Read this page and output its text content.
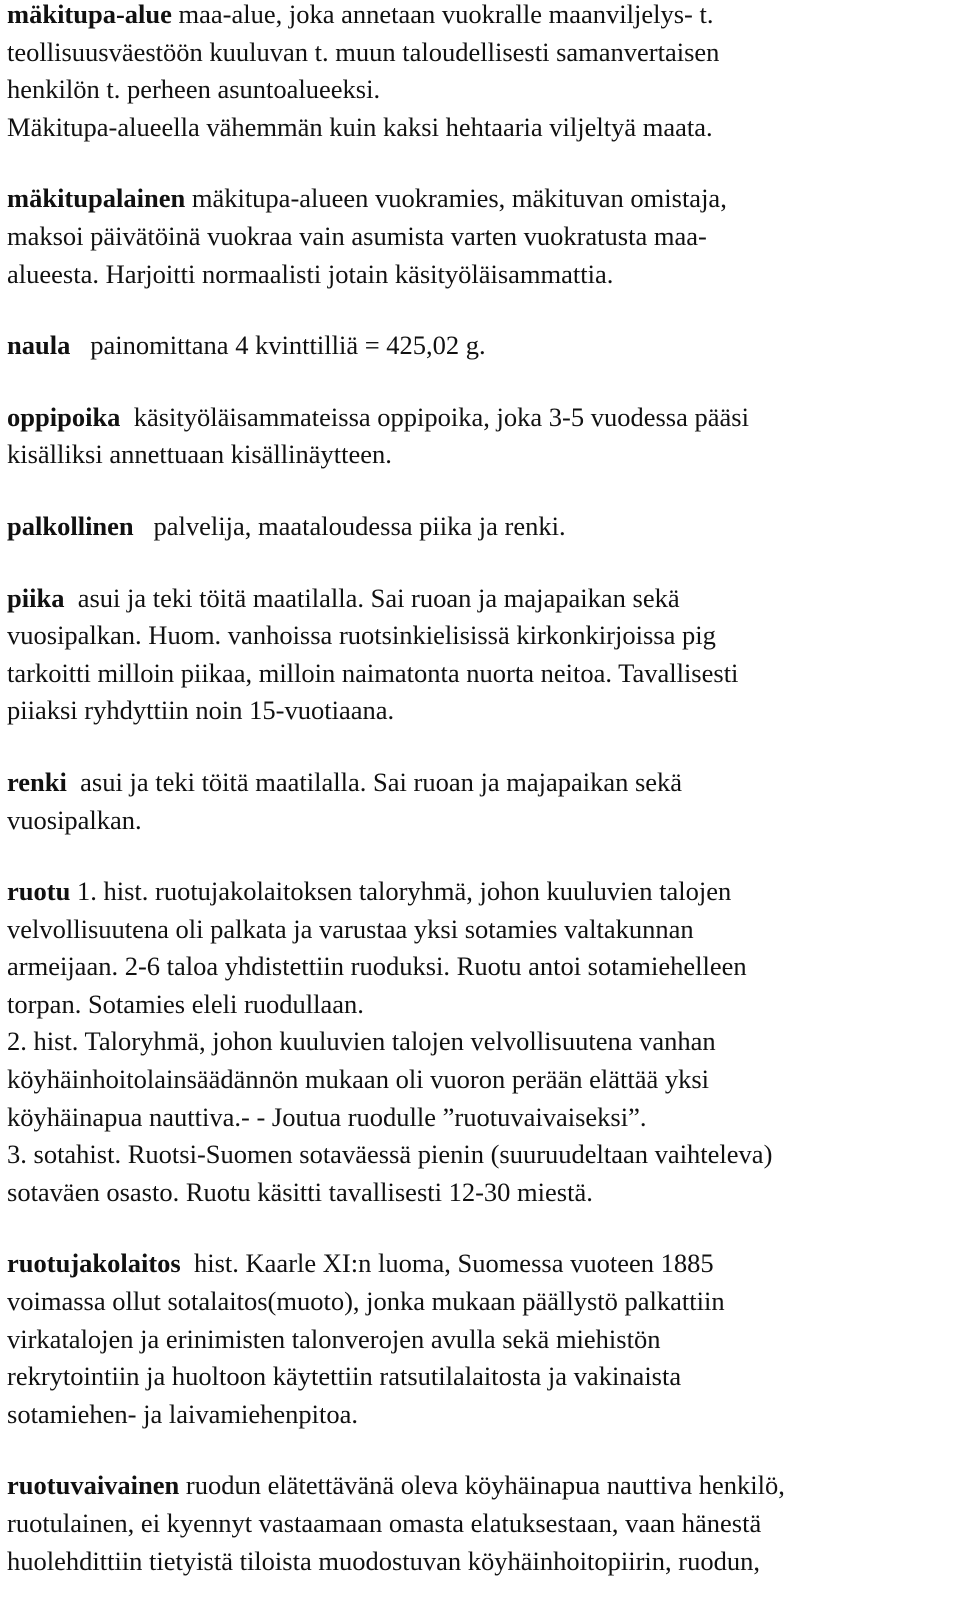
mäkitupa-alue maa-alue, joka annetaan vuokralle maanviljelys- t.
teollisuusväestöön kuuluvan t. muun taloudellisesti samanvertaisen
henkilön t. perheen asuntoalueeksi.
Mäkitupa-alueella vähemmän kuin kaksi hehtaaria viljeltyä maata.
mäkitupalainen mäkitupa-alueen vuokramies, mäkituvan omistaja,
maksoi päivätöinä vuokraa vain asumista varten vuokratusta maa-
alueesta. Harjoitti normaalisti jotain käsityöläisammattia.
naula   painomittana 4 kvinttilliä = 425,02 g.
oppipoika  käsityöläisammateissa oppipoika, joka 3-5 vuodessa pääsi
kisälliksi annettuaan kisällinäytteen.
palkollinen   palvelija, maataloudessa piika ja renki.
piika  asui ja teki töitä maatilalla. Sai ruoan ja majapaikan sekä
vuosipalkan. Huom. vanhoissa ruotsinkielisissä kirkonkirjoissa pig
tarkoitti milloin piikaa, milloin naimatonta nuorta neitoa. Tavallisesti
piiaksi ryhdyttiin noin 15-vuotiaana.
renki  asui ja teki töitä maatilalla. Sai ruoan ja majapaikan sekä
vuosipalkan.
ruotu 1. hist. ruotujakolaitoksen taloryhmä, johon kuuluvien talojen
velvollisuutena oli palkata ja varustaa yksi sotamies valtakunnan
armeijaan. 2-6 taloa yhdistettiin ruoduksi. Ruotu antoi sotamiehelleen
torpan. Sotamies eleli ruodullaan.
2. hist. Taloryhmä, johon kuuluvien talojen velvollisuutena vanhan
köyhäinhoitolainsäädännön mukaan oli vuoron perään elättää yksi
köyhäinapua nauttiva.- - Joutua ruodulle ”ruotuvaivaiseksi”.
3. sotahist. Ruotsi-Suomen sotaväessä pienin (suuruudeltaan vaihteleva)
sotaväen osasto. Ruotu käsitti tavallisesti 12-30 miestä.
ruotujakolaitos  hist. Kaarle XI:n luoma, Suomessa vuoteen 1885
voimassa ollut sotalaitos(muoto), jonka mukaan päällystö palkattiin
virkatalojen ja erinimisten talonverojen avulla sekä miehistön
rekrytointiin ja huoltoon käytettiin ratsutilalaitosta ja vakinaista
sotamiehen- ja laivamiehenpitoa.
ruotuvaivainen ruodun elätettävänä oleva köyhäinapua nauttiva henkilö,
ruotulainen, ei kyennyt vastaamaan omasta elatuksestaan, vaan hänestä
huolehdittiin tietyistä tiloista muodostuvan köyhäinhoitopiirin, ruodun,
